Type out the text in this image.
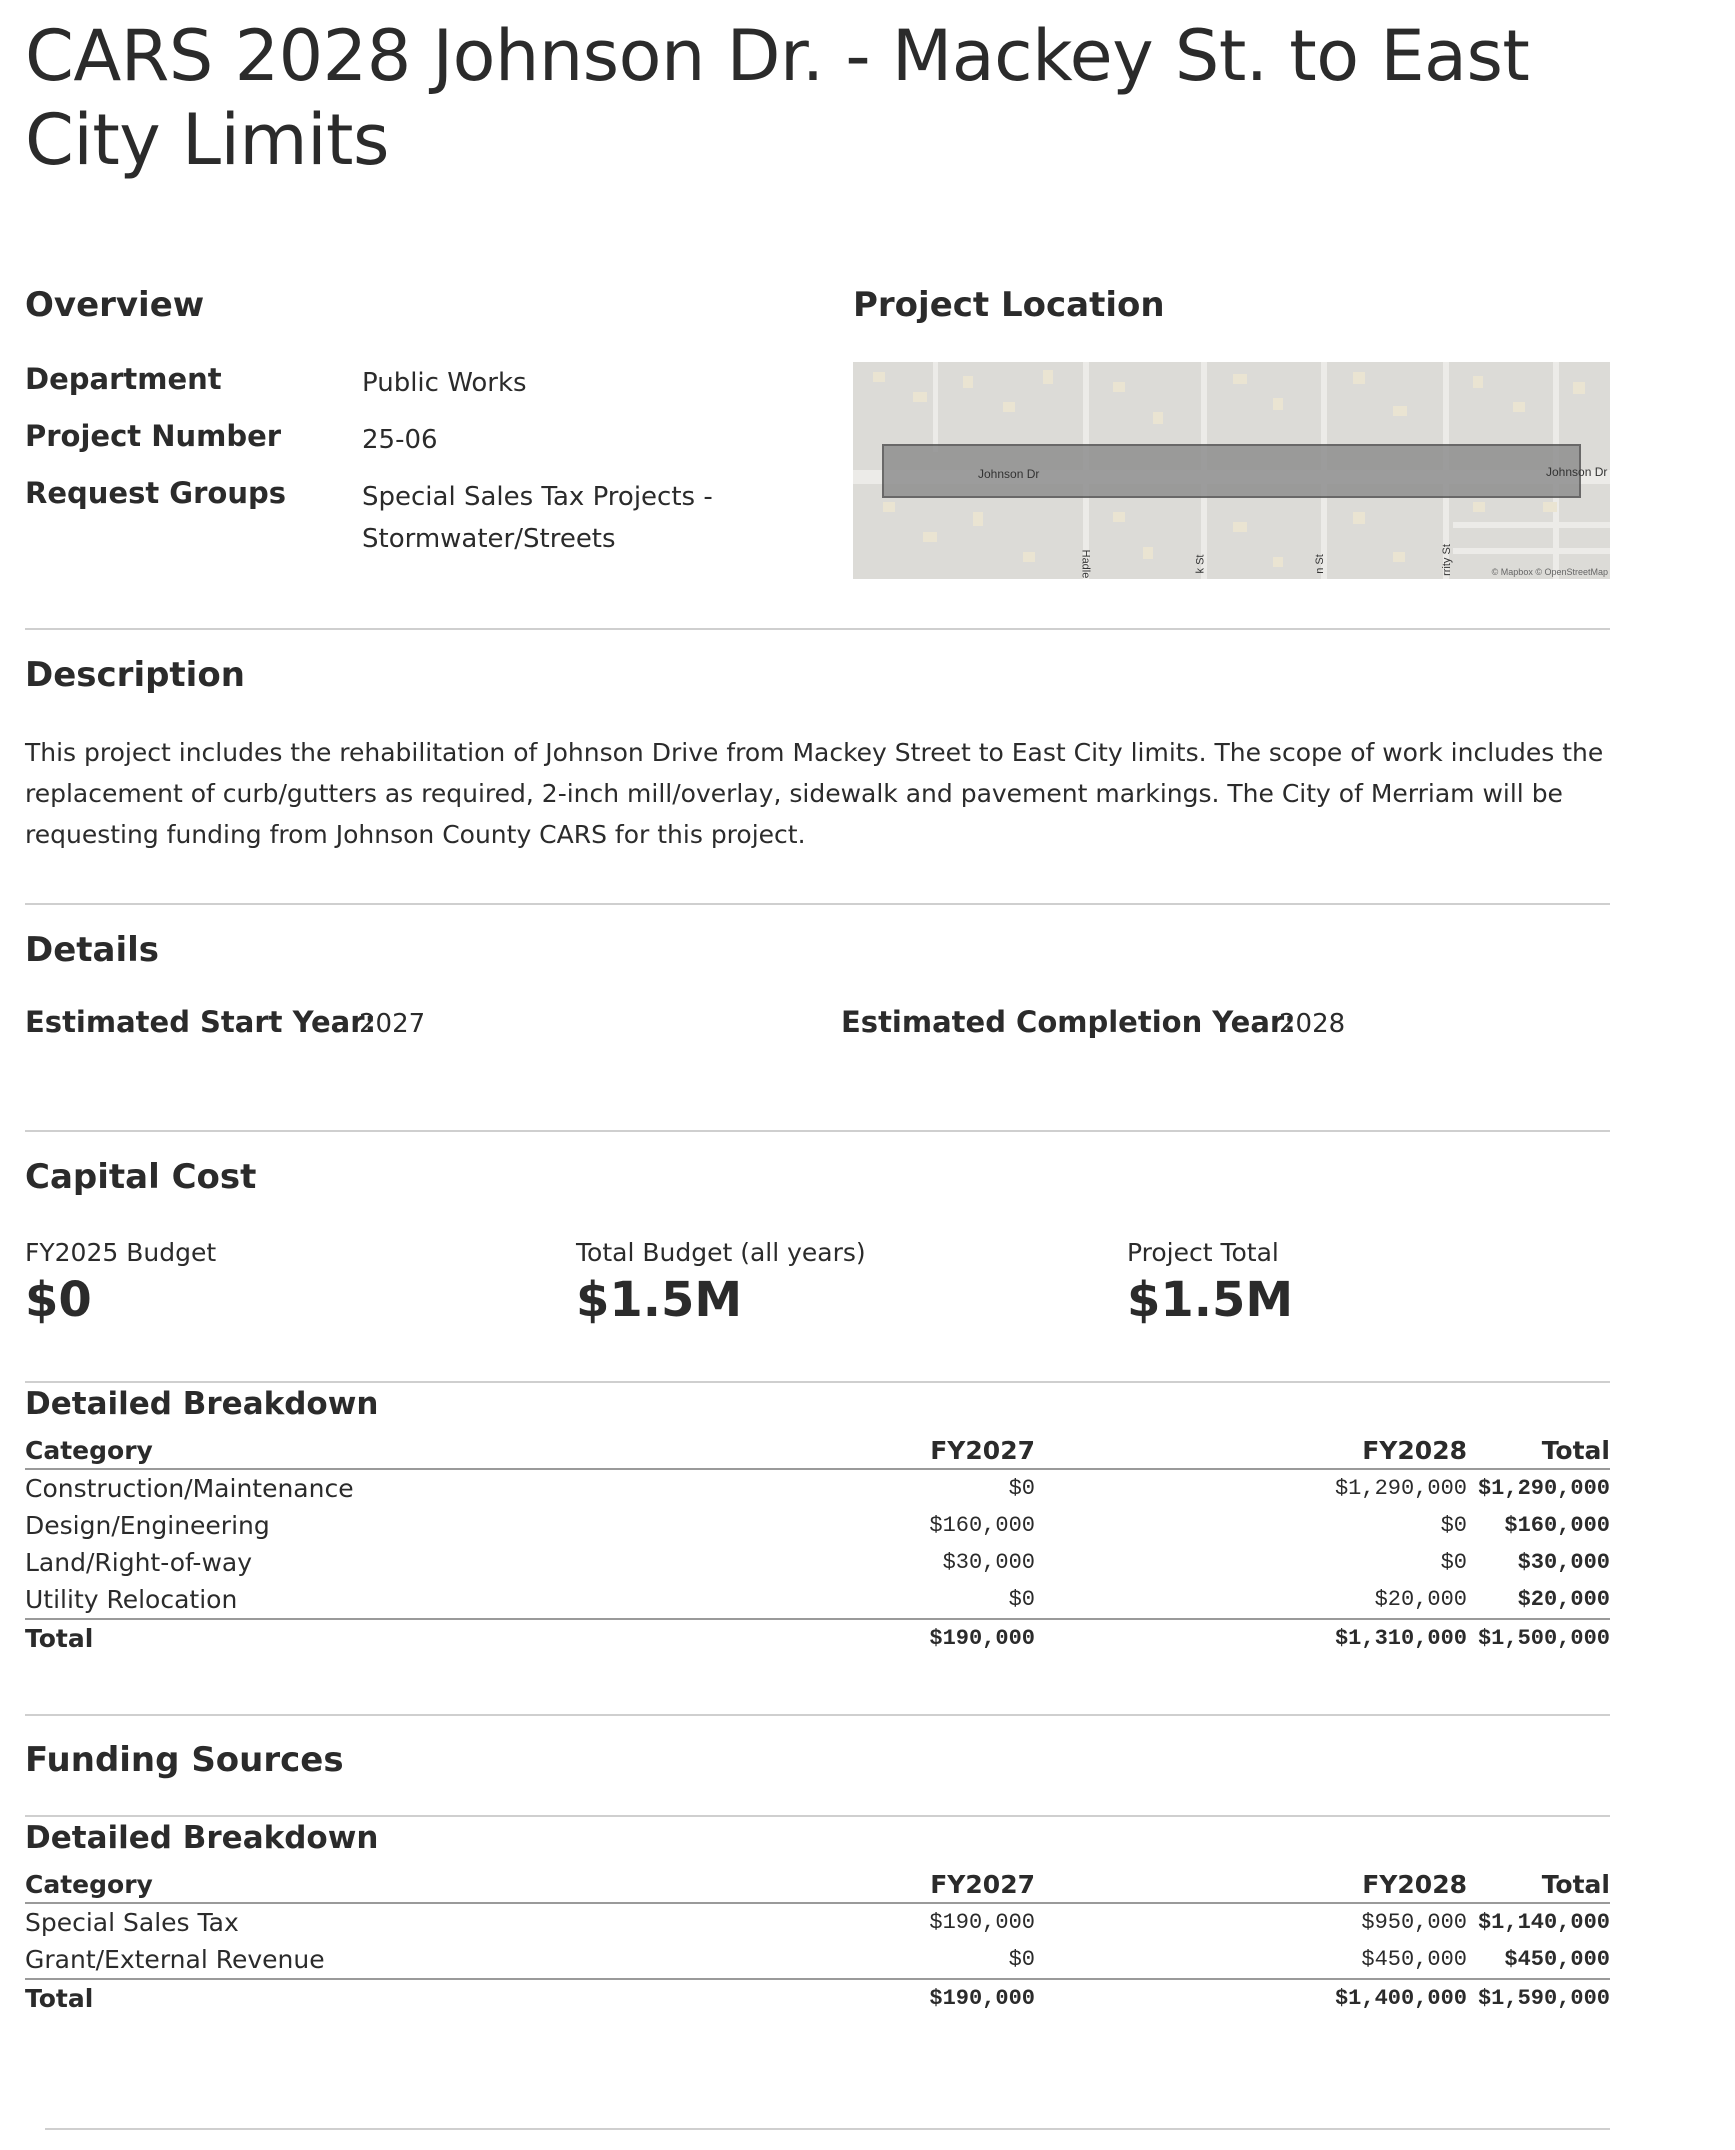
CARS 2028 Johnson Dr. - Mackey St. to East City Limits
Overview
Department	Public Works
Project Number	25-06
Request Groups	Special Sales Tax Projects - Stormwater/Streets
Project Location
Johnson Dr	Johnson Dr
Hadle	k St	n St	rrity St	© Mapbox © OpenStreetMap
Description
This project includes the rehabilitation of Johnson Drive from Mackey Street to East City limits. The scope of work includes the replacement of curb/gutters as required, 2-inch mill/overlay, sidewalk and pavement markings. The City of Merriam will be requesting funding from Johnson County CARS for this project.
Details
Estimated Start Year:
2027	Estimated Completion Year:
2028
Capital Cost
FY2025 Budget
$0
Total Budget (all years)
$1.5M
Project Total
$1.5M
Detailed Breakdown
Category	FY2027	FY2028	Total
Construction/Maintenance	$0	$1,290,000	$1,290,000
Design/Engineering	$160,000	$0	$160,000
Land/Right-of-way	$30,000	$0	$30,000
Utility Relocation	$0	$20,000	$20,000
Total	$190,000	$1,310,000	$1,500,000
Funding Sources
Detailed Breakdown
Category	FY2027	FY2028	Total
Special Sales Tax	$190,000	$950,000	$1,140,000
Grant/External Revenue	$0	$450,000	$450,000
Total	$190,000	$1,400,000	$1,590,000
